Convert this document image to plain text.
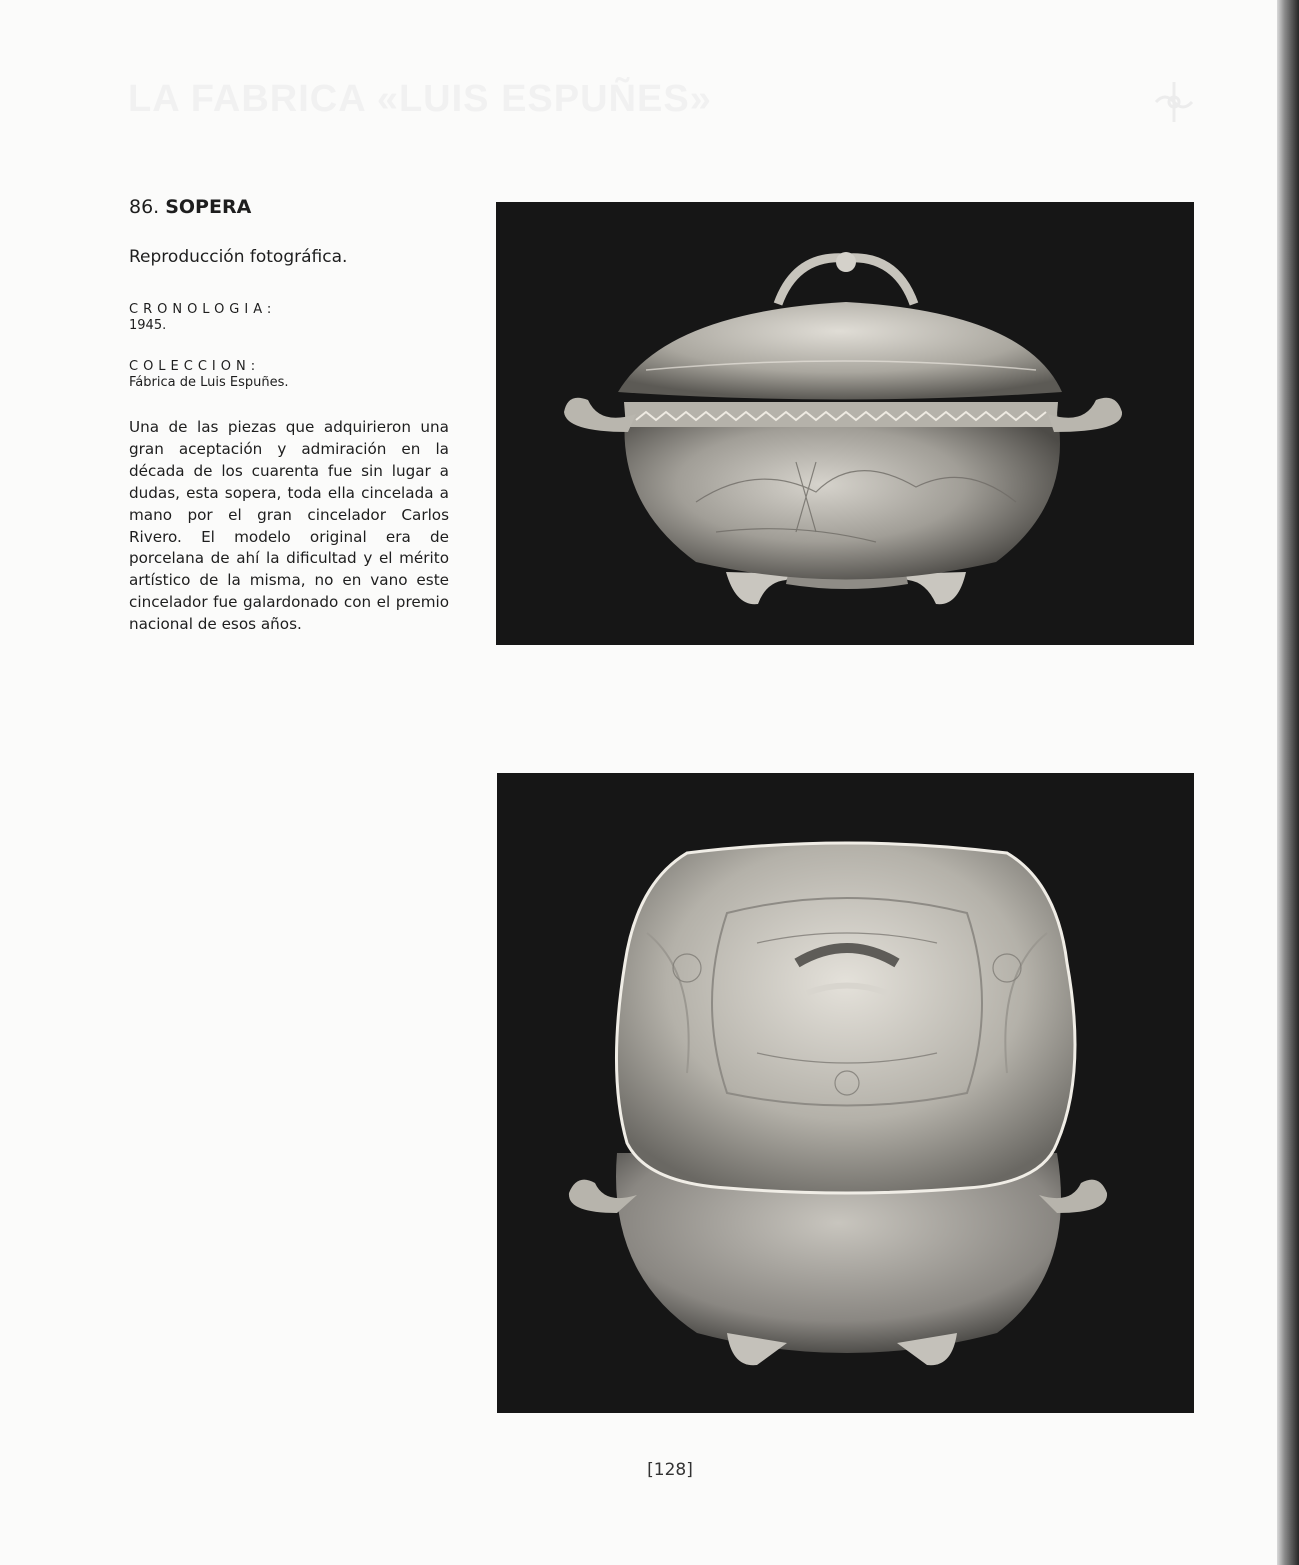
LA FABRICA «LUIS ESPUÑES»
86. SOPERA
Reproducción fotográfica.
CRONOLOGIA:
1945.
COLECCION:
Fábrica de Luis Espuñes.
Una de las piezas que adquirieron una gran aceptación y admiración en la década de los cuarenta fue sin lugar a dudas, esta sopera, toda ella cincelada a mano por el gran cincelador Carlos Rivero. El modelo original era de porcelana de ahí la dificultad y el mérito artístico de la misma, no en vano este cincelador fue galardonado con el premio nacional de esos años.
[128]
